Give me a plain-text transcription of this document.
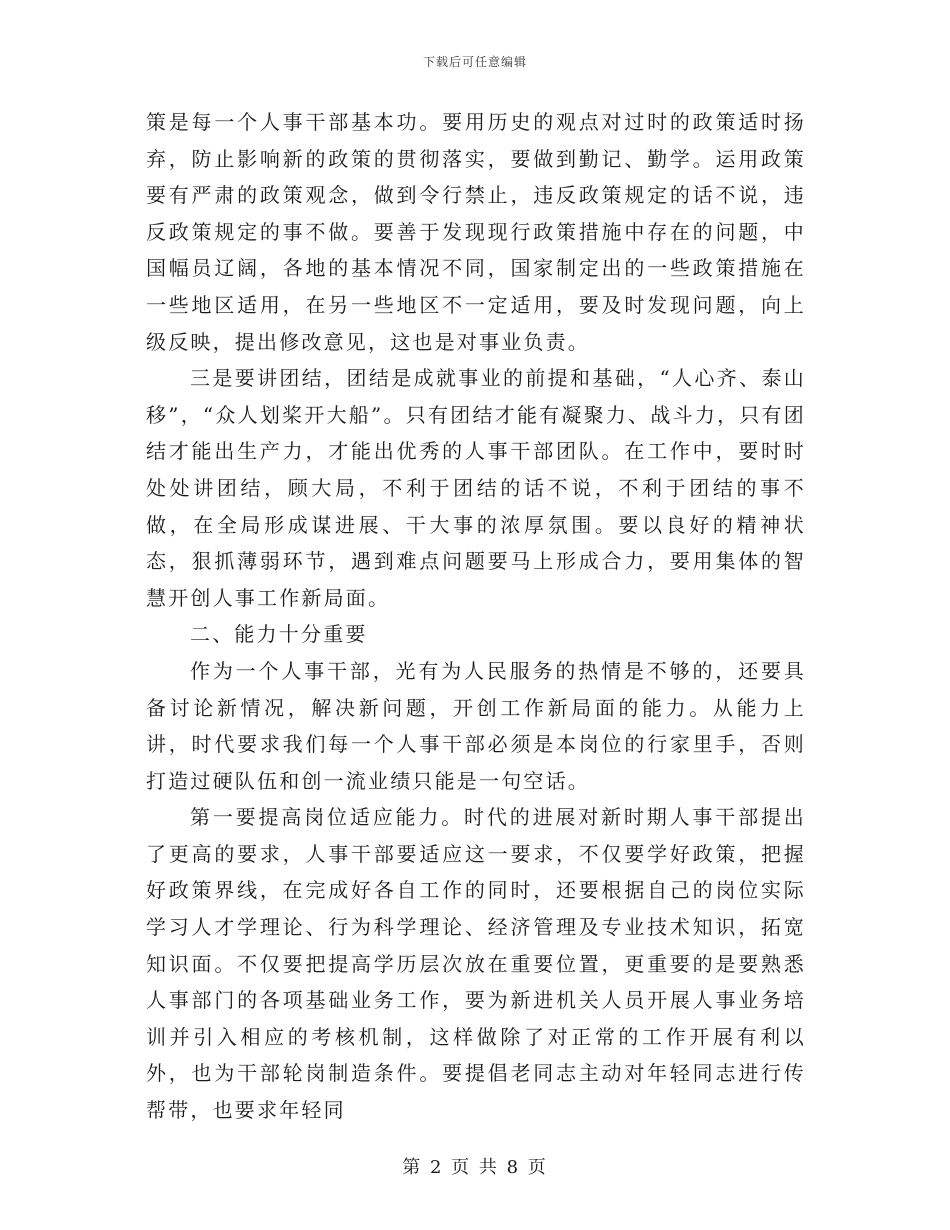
下载后可任意编辑

策是每一个人事干部基本功。要用历史的观点对过时的政策适时扬弃，防止影响新的政策的贯彻落实，要做到勤记、勤学。运用政策要有严肃的政策观念，做到令行禁止，违反政策规定的话不说，违反政策规定的事不做。要善于发现现行政策措施中存在的问题，中国幅员辽阔，各地的基本情况不同，国家制定出的一些政策措施在一些地区适用，在另一些地区不一定适用，要及时发现问题，向上级反映，提出修改意见，这也是对事业负责。

三是要讲团结，团结是成就事业的前提和基础，“人心齐、泰山移”，“众人划桨开大船”。只有团结才能有凝聚力、战斗力，只有团结才能出生产力，才能出优秀的人事干部团队。在工作中，要时时处处讲团结，顾大局，不利于团结的话不说，不利于团结的事不做，在全局形成谋进展、干大事的浓厚氛围。要以良好的精神状态，狠抓薄弱环节，遇到难点问题要马上形成合力，要用集体的智慧开创人事工作新局面。

二、能力十分重要

作为一个人事干部，光有为人民服务的热情是不够的，还要具备讨论新情况，解决新问题，开创工作新局面的能力。从能力上讲，时代要求我们每一个人事干部必须是本岗位的行家里手，否则打造过硬队伍和创一流业绩只能是一句空话。

第一要提高岗位适应能力。时代的进展对新时期人事干部提出了更高的要求，人事干部要适应这一要求，不仅要学好政策，把握好政策界线，在完成好各自工作的同时，还要根据自己的岗位实际学习人才学理论、行为科学理论、经济管理及专业技术知识，拓宽知识面。不仅要把提高学历层次放在重要位置，更重要的是要熟悉人事部门的各项基础业务工作，要为新进机关人员开展人事业务培训并引入相应的考核机制，这样做除了对正常的工作开展有利以外，也为干部轮岗制造条件。要提倡老同志主动对年轻同志进行传帮带，也要求年轻同

第 2 页 共 8 页
